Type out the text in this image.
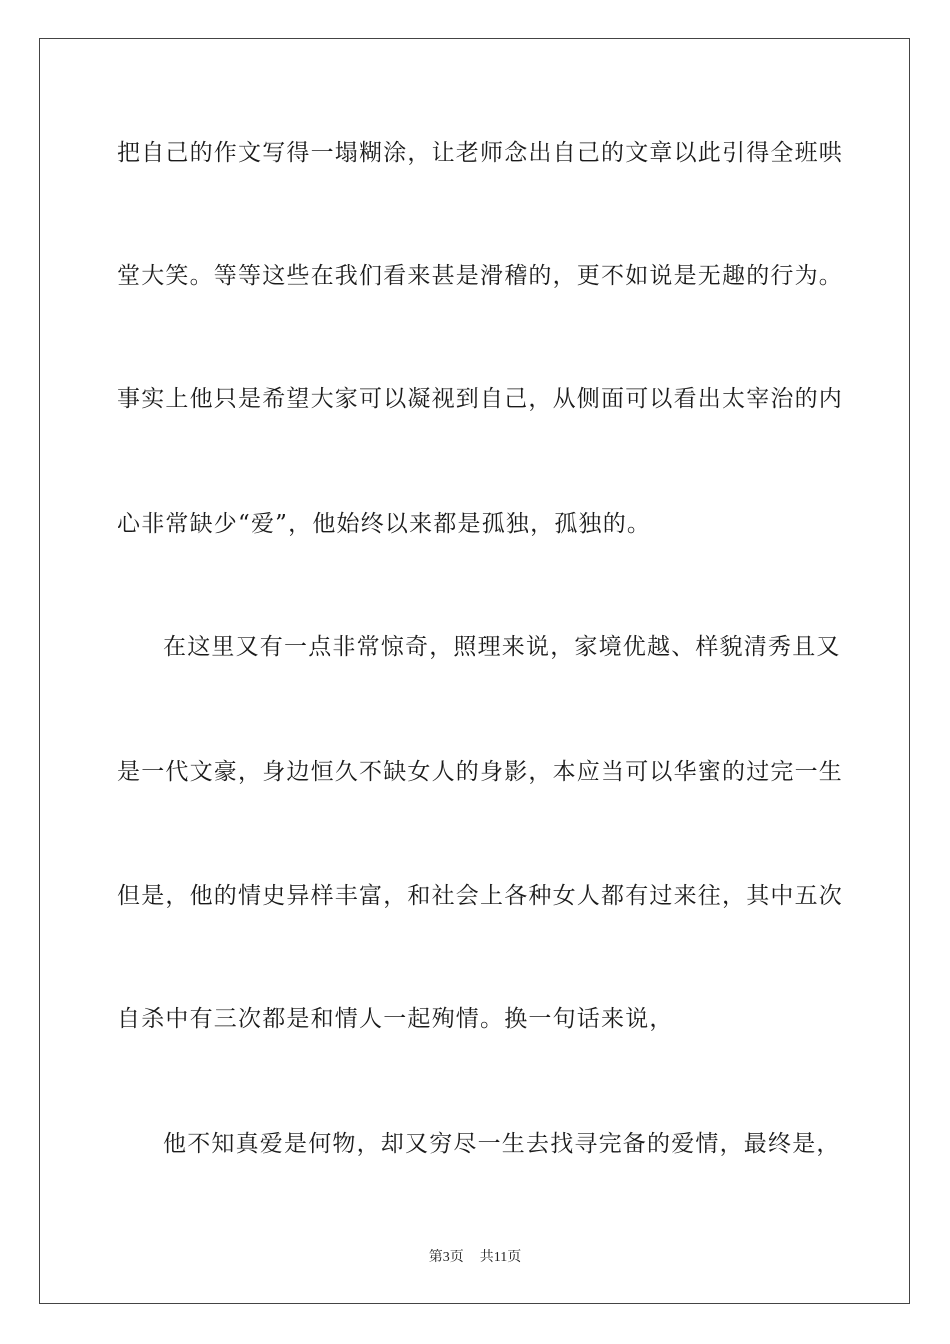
把自己的作文写得一塌糊涂，让老师念出自己的文章以此引得全班哄
堂大笑。等等这些在我们看来甚是滑稽的，更不如说是无趣的行为。
事实上他只是希望大家可以凝视到自己，从侧面可以看出太宰治的内
心非常缺少“爱”，他始终以来都是孤独，孤独的。
在这里又有一点非常惊奇，照理来说，家境优越、样貌清秀且又
是一代文豪，身边恒久不缺女人的身影，本应当可以华蜜的过完一生
但是，他的情史异样丰富，和社会上各种女人都有过来往，其中五次
自杀中有三次都是和情人一起殉情。换一句话来说，
他不知真爱是何物，却又穷尽一生去找寻完备的爱情，最终是，
第3页 共11页
